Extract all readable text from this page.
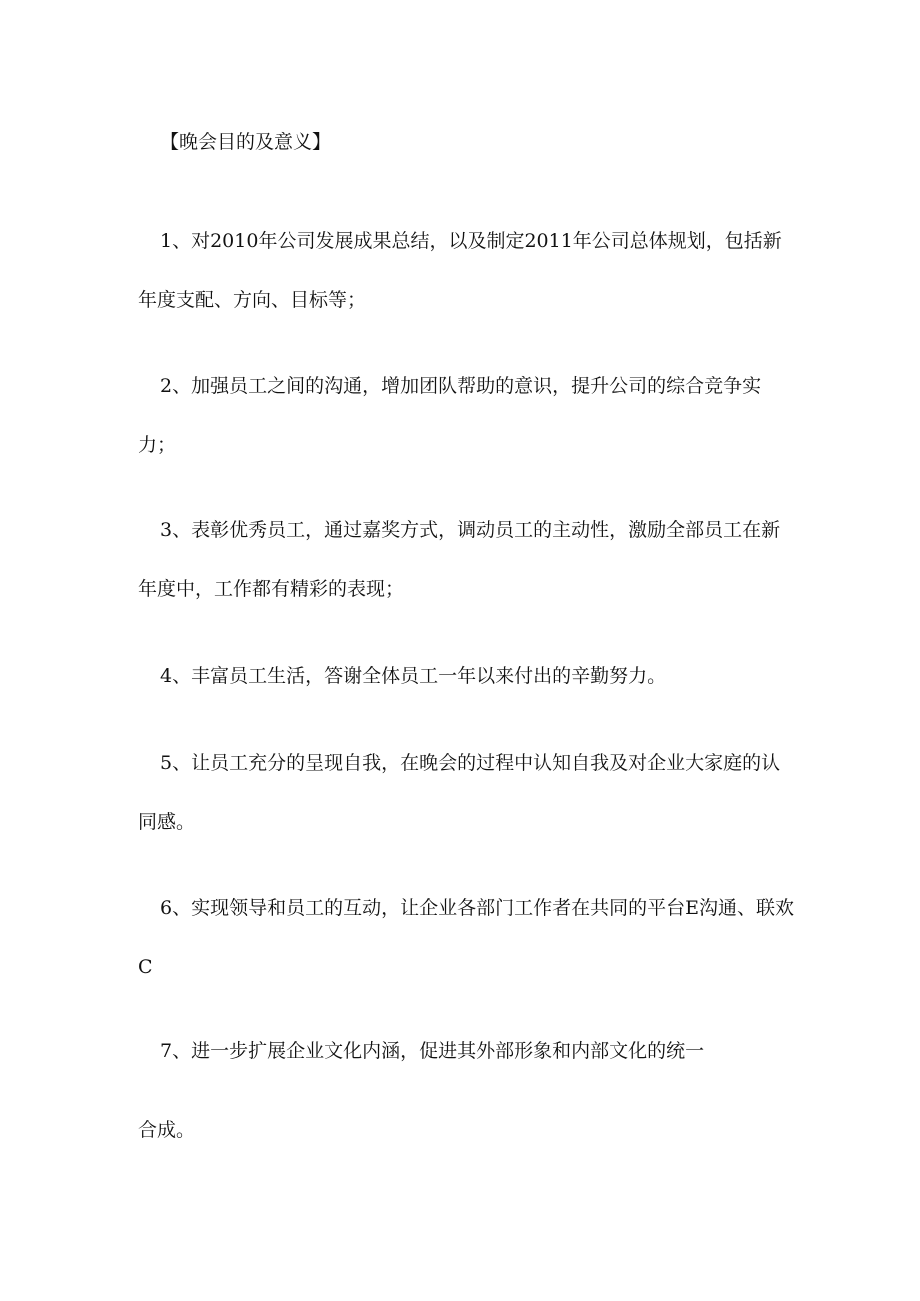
【晚会目的及意义】
1、对2010年公司发展成果总结，以及制定2011年公司总体规划，包括新年度支配、方向、目标等；
2、加强员工之间的沟通，增加团队帮助的意识，提升公司的综合竞争实力；
3、表彰优秀员工，通过嘉奖方式，调动员工的主动性，激励全部员工在新年度中，工作都有精彩的表现；
4、丰富员工生活，答谢全体员工一年以来付出的辛勤努力。
5、让员工充分的呈现自我，在晚会的过程中认知自我及对企业大家庭的认同感。
6、实现领导和员工的互动，让企业各部门工作者在共同的平台E沟通、联欢C
7、进一步扩展企业文化内涵，促进其外部形象和内部文化的统一
合成。
